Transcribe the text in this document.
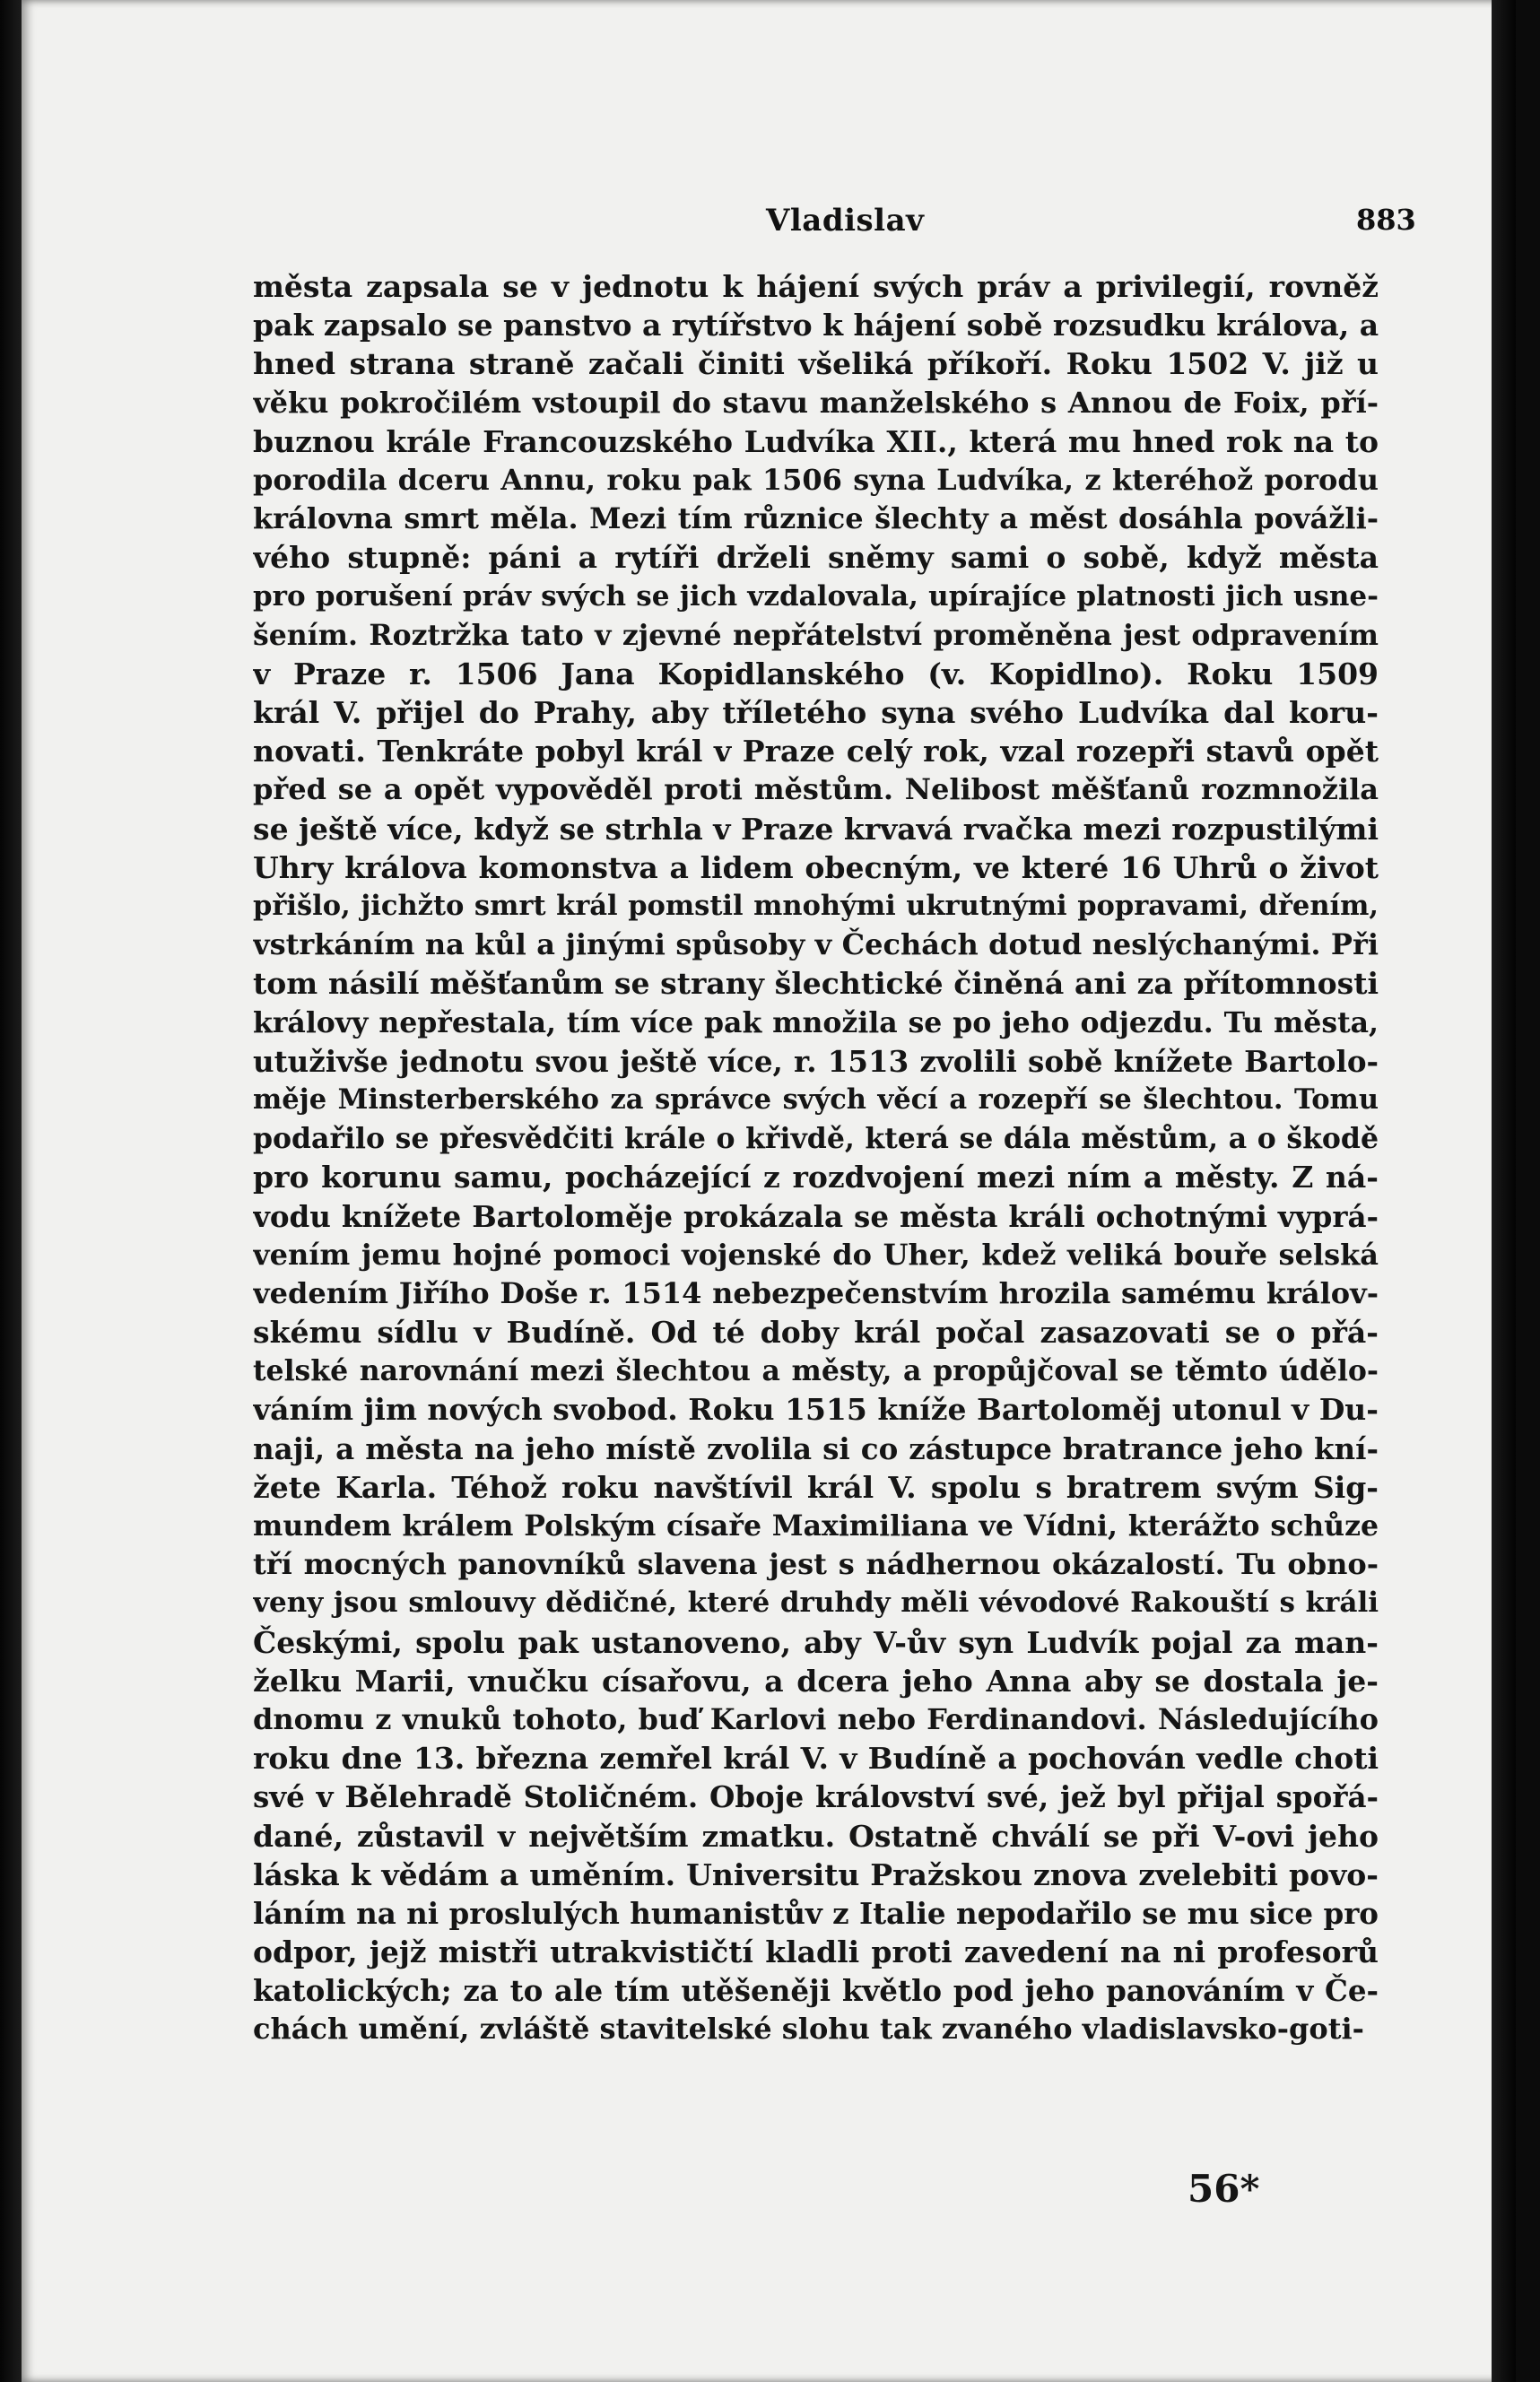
Vladislav	883
města zapsala se v jednotu k hájení svých práv a privilegií, rovněž
pak zapsalo se panstvo a rytířstvo k hájení sobě rozsudku králova, a
hned strana straně začali činiti všeliká příkoří. Roku 1502 V. již u
věku pokročilém vstoupil do stavu manželského s Annou de Foix, pří-
buznou krále Francouzského Ludvíka XII., která mu hned rok na to
porodila dceru Annu, roku pak 1506 syna Ludvíka, z kteréhož porodu
královna smrt měla. Mezi tím různice šlechty a měst dosáhla povážli-
vého stupně: páni a rytíři drželi sněmy sami o sobě, když města
pro porušení práv svých se jich vzdalovala, upírajíce platnosti jich usne-
šením. Roztržka tato v zjevné nepřátelství proměněna jest odpravením
v Praze r. 1506 Jana Kopidlanského (v. Kopidlno). Roku 1509
král V. přijel do Prahy, aby tříletého syna svého Ludvíka dal koru-
novati. Tenkráte pobyl král v Praze celý rok, vzal rozepři stavů opět
před se a opět vypověděl proti městům. Nelibost měšťanů rozmnožila
se ještě více, když se strhla v Praze krvavá rvačka mezi rozpustilými
Uhry králova komonstva a lidem obecným, ve které 16 Uhrů o život
přišlo, jichžto smrt král pomstil mnohými ukrutnými popravami, dřením,
vstrkáním na kůl a jinými spůsoby v Čechách dotud neslýchanými. Při
tom násilí měšťanům se strany šlechtické činěná ani za přítomnosti
královy nepřestala, tím více pak množila se po jeho odjezdu. Tu města,
utuživše jednotu svou ještě více, r. 1513 zvolili sobě knížete Bartolo-
měje Minsterberského za správce svých věcí a rozepří se šlechtou. Tomu
podařilo se přesvědčiti krále o křivdě, která se dála městům, a o škodě
pro korunu samu, pocházející z rozdvojení mezi ním a městy. Z ná-
vodu knížete Bartoloměje prokázala se města králi ochotnými vyprá-
vením jemu hojné pomoci vojenské do Uher, kdež veliká bouře selská
vedením Jiřího Doše r. 1514 nebezpečenstvím hrozila samému králov-
skému sídlu v Budíně. Od té doby král počal zasazovati se o přá-
telské narovnání mezi šlechtou a městy, a propůjčoval se těmto údělo-
váním jim nových svobod. Roku 1515 kníže Bartoloměj utonul v Du-
naji, a města na jeho místě zvolila si co zástupce bratrance jeho kní-
žete Karla. Téhož roku navštívil král V. spolu s bratrem svým Sig-
mundem králem Polským císaře Maximiliana ve Vídni, kterážto schůze
tří mocných panovníků slavena jest s nádhernou okázalostí. Tu obno-
veny jsou smlouvy dědičné, které druhdy měli vévodové Rakouští s králi
Českými, spolu pak ustanoveno, aby V-ův syn Ludvík pojal za man-
želku Marii, vnučku císařovu, a dcera jeho Anna aby se dostala je-
dnomu z vnuků tohoto, buď Karlovi nebo Ferdinandovi. Následujícího
roku dne 13. března zemřel král V. v Budíně a pochován vedle choti
své v Bělehradě Stoličném. Oboje království své, jež byl přijal spořá-
dané, zůstavil v největším zmatku. Ostatně chválí se při V-ovi jeho
láska k vědám a uměním. Universitu Pražskou znova zvelebiti povo-
láním na ni proslulých humanistův z Italie nepodařilo se mu sice pro
odpor, jejž mistři utrakvističtí kladli proti zavedení na ni profesorů
katolických; za to ale tím utěšeněji květlo pod jeho panováním v Če-
chách umění, zvláště stavitelské slohu tak zvaného vladislavsko-goti-
56*
